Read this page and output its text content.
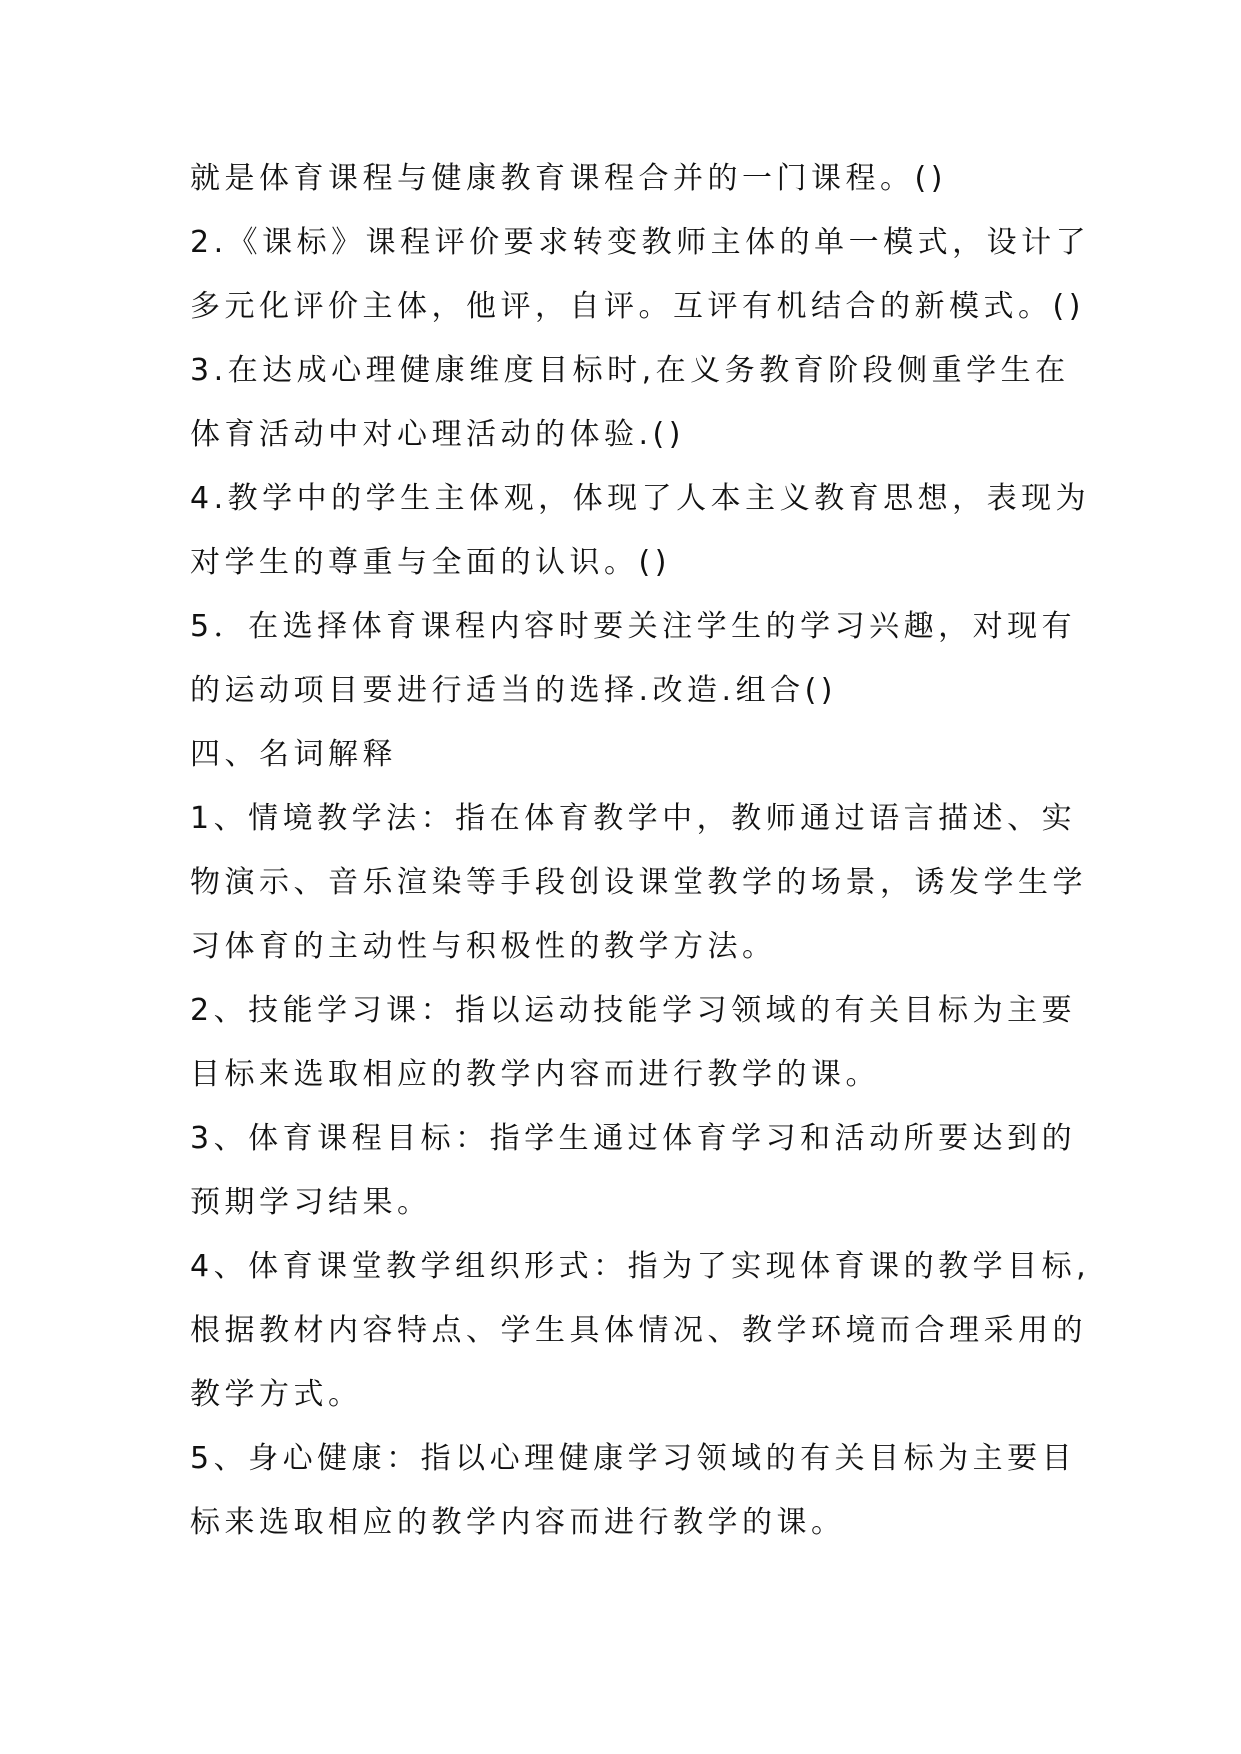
就是体育课程与健康教育课程合并的一门课程。()
2.《课标》课程评价要求转变教师主体的单一模式，设计了
多元化评价主体，他评，自评。互评有机结合的新模式。()
3.在达成心理健康维度目标时,在义务教育阶段侧重学生在
体育活动中对心理活动的体验.()
4.教学中的学生主体观，体现了人本主义教育思想，表现为
对学生的尊重与全面的认识。()
5．在选择体育课程内容时要关注学生的学习兴趣，对现有
的运动项目要进行适当的选择.改造.组合()
四、名词解释
1、情境教学法：指在体育教学中，教师通过语言描述、实
物演示、音乐渲染等手段创设课堂教学的场景，诱发学生学
习体育的主动性与积极性的教学方法。
2、技能学习课：指以运动技能学习领域的有关目标为主要
目标来选取相应的教学内容而进行教学的课。
3、体育课程目标：指学生通过体育学习和活动所要达到的
预期学习结果。
4、体育课堂教学组织形式：指为了实现体育课的教学目标,
根据教材内容特点、学生具体情况、教学环境而合理采用的
教学方式。
5、身心健康：指以心理健康学习领域的有关目标为主要目
标来选取相应的教学内容而进行教学的课。
